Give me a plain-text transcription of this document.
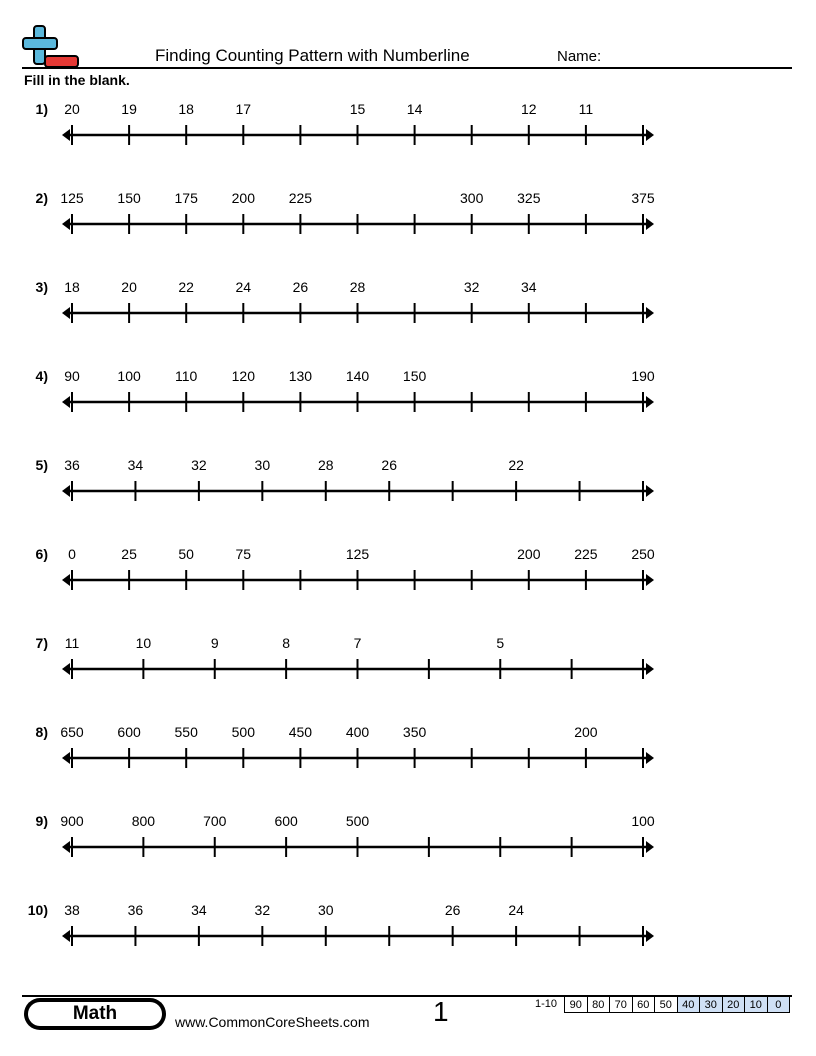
Finding Counting Pattern with Numberline	Name:
Fill in the blank.
1) 20	19	18	17	15	14	12	11
2) 125 150 175 200 225	300 325	375
3) 18	20	22	24	26	28	32	34
4) 90	100 110 120 130 140 150	190
5) 36	34	32	30	28	26	22
6) 0	25	50	75	125	200 225 250
7) 11	10	9	8	7	5
8) 650 600 550 500 450 400 350	200
9) 900	800	700	600	500	100
10) 38	36	34	32	30	26	24
Math	www.CommonCoreSheets.com 1	1-10 90	80	70	60	50	40	30	20	10	0
